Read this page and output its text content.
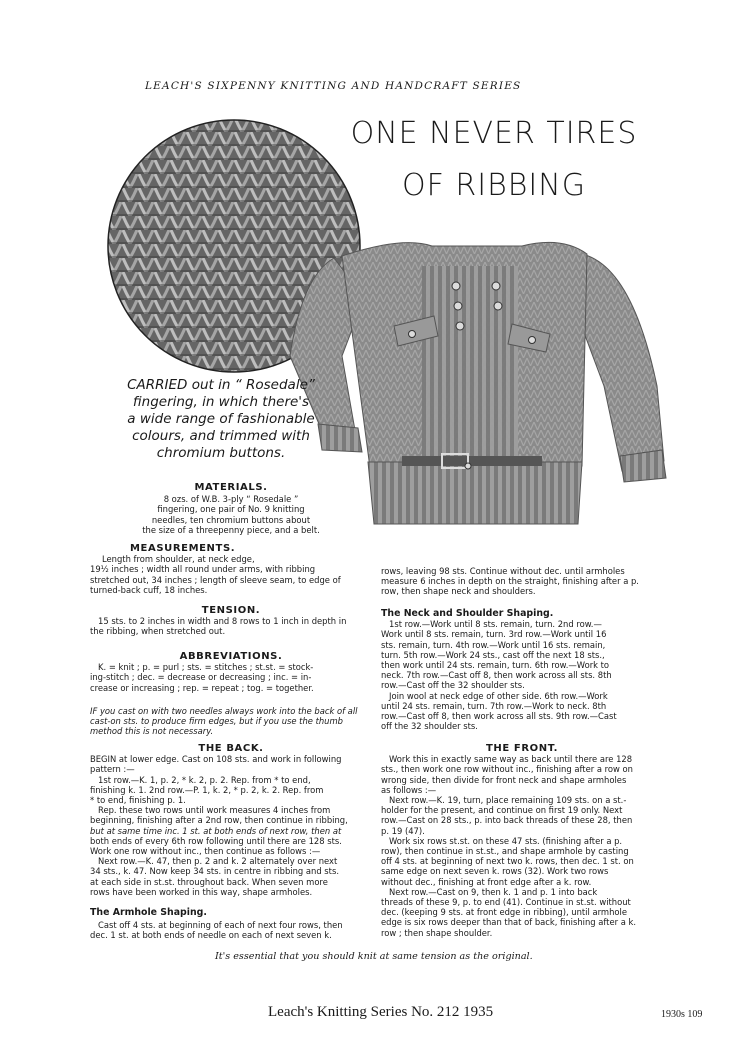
LEACH'S SIXPENNY KNITTING AND HANDCRAFT SERIES
ONE NEVER TIRES
OF RIBBING
CARRIED out in “ Rosedale”
fingering, in which there's
a wide range of fashionable
colours, and trimmed with
chromium buttons.
MATERIALS.
8 ozs. of W.B. 3-ply “ Rosedale ”
fingering, one pair of No. 9 knitting
needles, ten chromium buttons about
the size of a threepenny piece, and a belt.
MEASUREMENTS.
Length from shoulder, at neck edge,
19½ inches ; width all round under arms, with ribbing
stretched out, 34 inches ; length of sleeve seam, to edge of
turned-back cuff, 18 inches.
TENSION.
15 sts. to 2 inches in width and 8 rows to 1 inch in depth in
the ribbing, when stretched out.
ABBREVIATIONS.
K. = knit ; p. = purl ; sts. = stitches ; st.st. = stock-
ing-stitch ; dec. = decrease or decreasing ; inc. = in-
crease or increasing ; rep. = repeat ; tog. = together.
IF you cast on with two needles always work into the back of all
cast-on sts. to produce firm edges, but if you use the thumb
method this is not necessary.
THE BACK.
BEGIN at lower edge. Cast on 108 sts. and work in following
pattern :—
1st row.—K. 1, p. 2, * k. 2, p. 2. Rep. from * to end,
finishing k. 1. 2nd row.—P. 1, k. 2, * p. 2, k. 2. Rep. from
* to end, finishing p. 1.
Rep. these two rows until work measures 4 inches from
beginning, finishing after a 2nd row, then continue in ribbing,
but at same time inc. 1 st. at both ends of next row, then at
both ends of every 6th row following until there are 128 sts.
Work one row without inc., then continue as follows :—
Next row.—K. 47, then p. 2 and k. 2 alternately over next
34 sts., k. 47. Now keep 34 sts. in centre in ribbing and sts.
at each side in st.st. throughout back. When seven more
rows have been worked in this way, shape armholes.
The Armhole Shaping.
Cast off 4 sts. at beginning of each of next four rows, then
dec. 1 st. at both ends of needle on each of next seven k.
rows, leaving 98 sts. Continue without dec. until armholes
measure 6 inches in depth on the straight, finishing after a p.
row, then shape neck and shoulders.
The Neck and Shoulder Shaping.
1st row.—Work until 8 sts. remain, turn. 2nd row.—
Work until 8 sts. remain, turn. 3rd row.—Work until 16
sts. remain, turn. 4th row.—Work until 16 sts. remain,
turn. 5th row.—Work 24 sts., cast off the next 18 sts.,
then work until 24 sts. remain, turn. 6th row.—Work to
neck. 7th row.—Cast off 8, then work across all sts. 8th
row.—Cast off the 32 shoulder sts.
Join wool at neck edge of other side. 6th row.—Work
until 24 sts. remain, turn. 7th row.—Work to neck. 8th
row.—Cast off 8, then work across all sts. 9th row.—Cast
off the 32 shoulder sts.
THE FRONT.
Work this in exactly same way as back until there are 128
sts., then work one row without inc., finishing after a row on
wrong side, then divide for front neck and shape armholes
as follows :—
Next row.—K. 19, turn, place remaining 109 sts. on a st.-
holder for the present, and continue on first 19 only. Next
row.—Cast on 28 sts., p. into back threads of these 28, then
p. 19 (47).
Work six rows st.st. on these 47 sts. (finishing after a p.
row), then continue in st.st., and shape armhole by casting
off 4 sts. at beginning of next two k. rows, then dec. 1 st. on
same edge on next seven k. rows (32). Work two rows
without dec., finishing at front edge after a k. row.
Next row.—Cast on 9, then k. 1 and p. 1 into back
threads of these 9, p. to end (41). Continue in st.st. without
dec. (keeping 9 sts. at front edge in ribbing), until armhole
edge is six rows deeper than that of back, finishing after a k.
row ; then shape shoulder.
It's essential that you should knit at same tension as the original.
Leach's Knitting Series No. 212 1935	1930s 109
